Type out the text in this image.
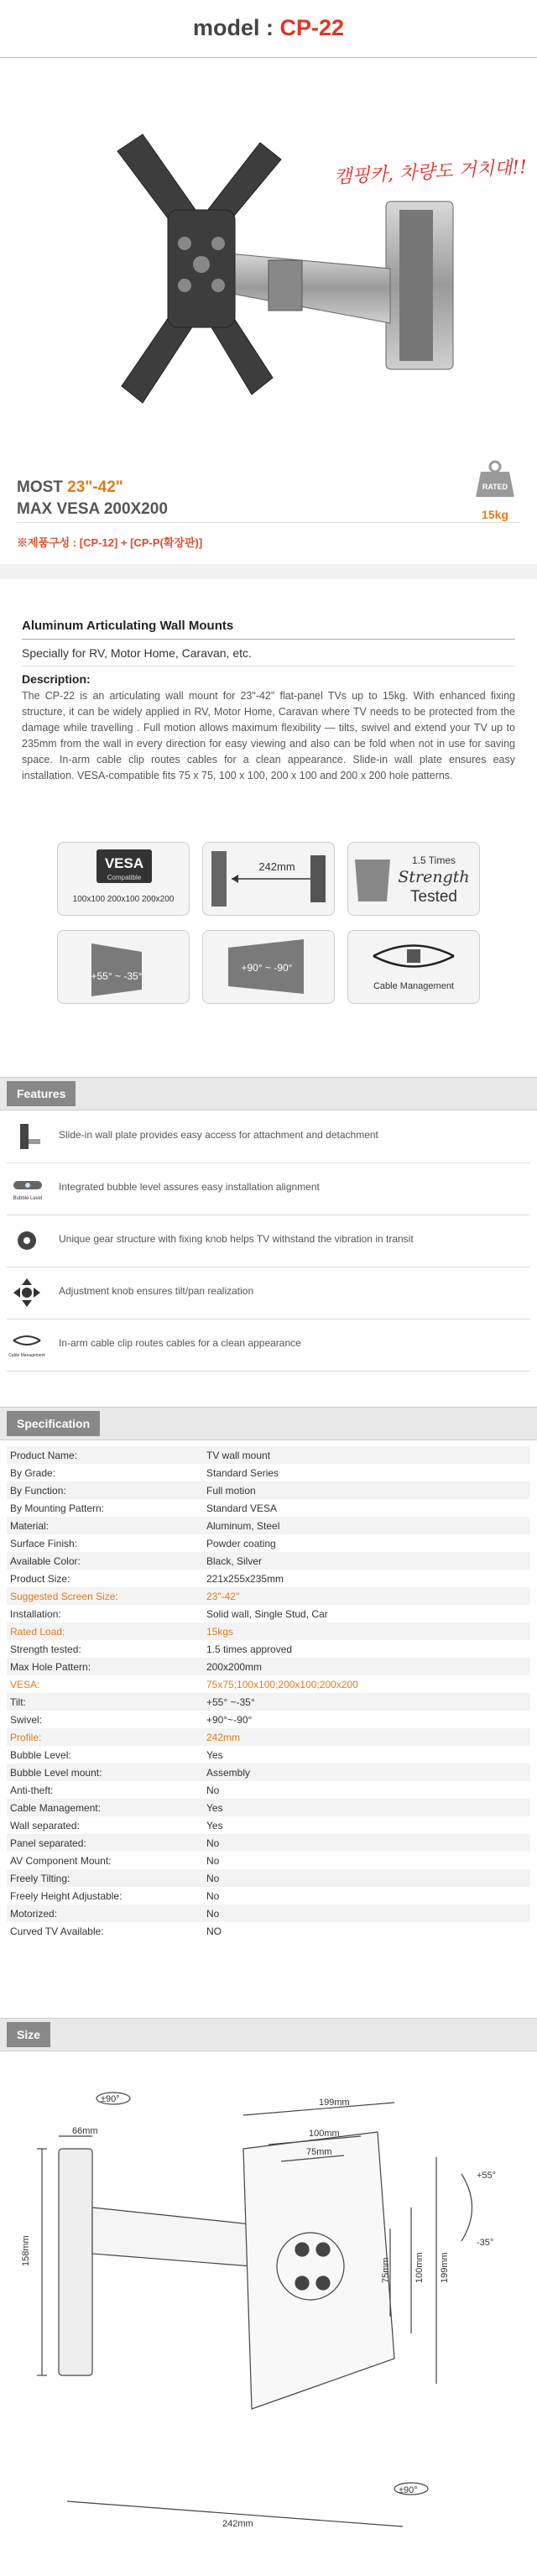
model : CP-22
캠핑카, 차량도 거치대!!
MOST 23"-42"
MAX VESA 200X200
RATED
15kg
※제품구성 : [CP-12] + [CP-P(확장판)]
Aluminum Articulating Wall Mounts
Specially for RV, Motor Home, Caravan, etc.
Description:
The CP-22 is an articulating wall mount for 23"-42" flat-panel TVs up to 15kg. With enhanced fixing structure, it can be widely applied in RV, Motor Home, Caravan where TV needs to be protected from the damage while travelling . Full motion allows maximum flexibility — tilts, swivel and extend your TV up to 235mm from the wall in every direction for easy viewing and also can be fold when not in use for saving space. In-arm cable clip routes cables for a clean appearance. Slide-in wall plate ensures easy installation. VESA-compatible fits 75 x 75, 100 x 100, 200 x 100 and 200 x 200 hole patterns.
VESA
Compatible
100x100 200x100 200x200
242mm	1.5 Times
Strength
Tested
+55° ~ -35°
+90° ~ -90°
Cable Management
Features
Slide-in wall plate provides easy access for attachment and detachment
Bubble Level
Integrated bubble level assures easy installation alignment
Unique gear structure with fixing knob helps TV withstand the vibration in transit
Adjustment knob ensures tilt/pan realization
Cable Management
In-arm cable clip routes cables for a clean appearance
Specification
Product Name:	TV wall mount
By Grade:	Standard Series
By Function:	Full motion
By Mounting Pattern:	Standard VESA
Material:	Aluminum, Steel
Surface Finish:	Powder coating
Available Color:	Black, Silver
Product Size:	221x255x235mm
Suggested Screen Size:	23"-42"
Installation:	Solid wall, Single Stud, Car
Rated Load:	15kgs
Strength tested:	1.5 times approved
Max Hole Pattern:	200x200mm
VESA:	75x75;100x100;200x100;200x200
Tilt:	+55° ~-35°
Swivel:	+90°~-90°
Profile:	242mm
Bubble Level:	Yes
Bubble Level mount:	Assembly
Anti-theft:	No
Cable Management:	Yes
Wall separated:	Yes
Panel separated:	No
AV Component Mount:	No
Freely Tilting:	No
Freely Height Adjustable:	No
Motorized:	No
Curved TV Available:	NO
Size
±90°
66mm
158mm
199mm
100mm
75mm
75mm	100mm 199mm
+55°
-35°
±90°
242mm
